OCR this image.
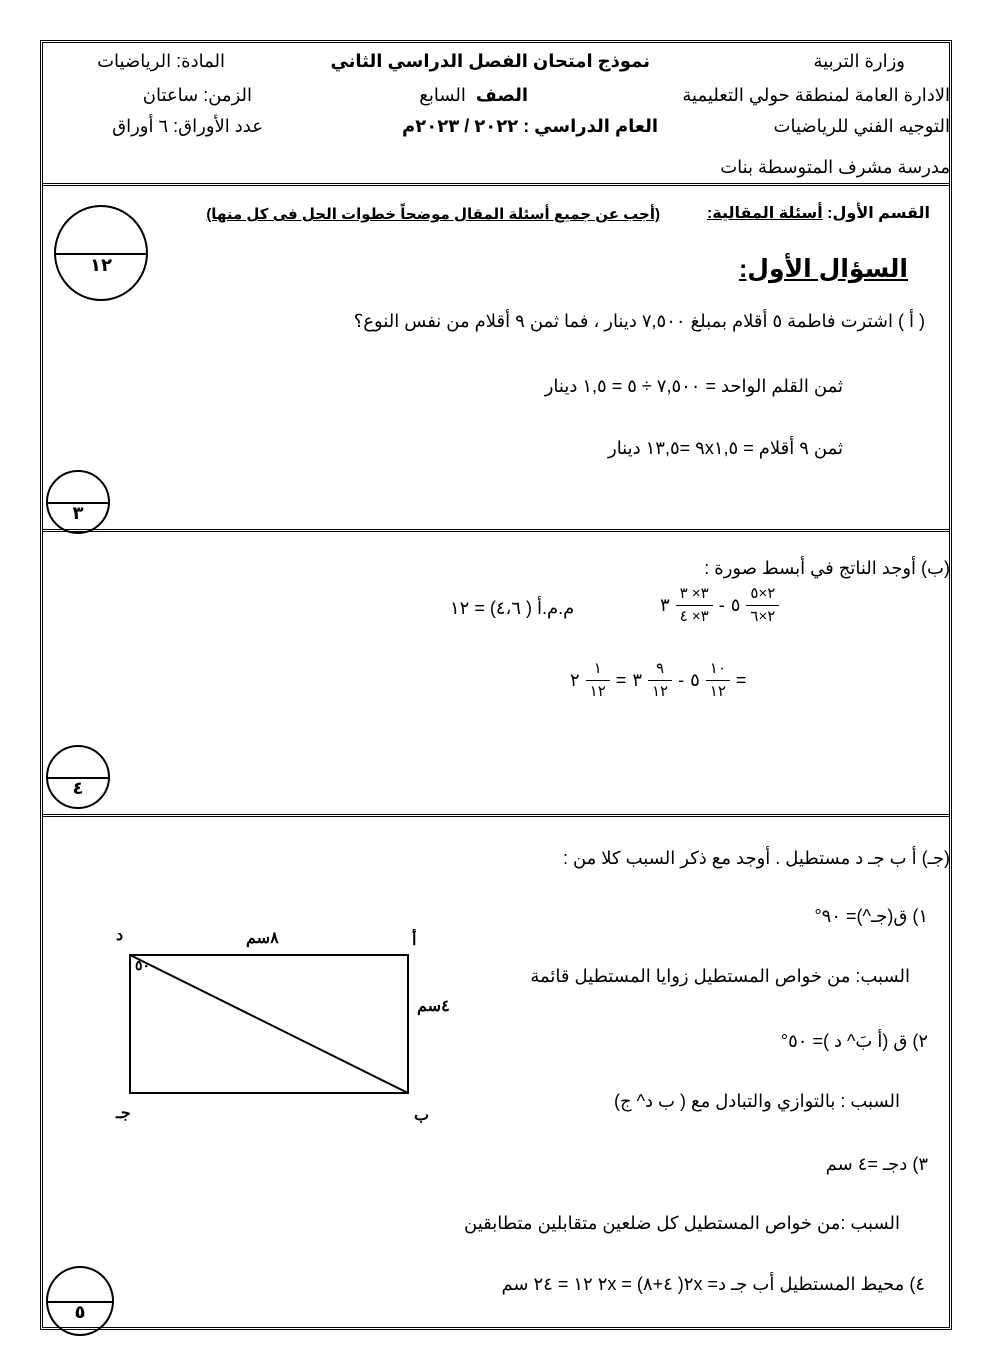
وزارة التربية
نموذج امتحان الفصل الدراسي الثاني
المادة: الرياضيات
الادارة العامة لمنطقة حولي التعليمية
الصف  السابع
الزمن: ساعتان
التوجيه الفني للرياضيات
العام الدراسي : ٢٠٢٢ / ٢٠٢٣م
عدد الأوراق: ٦ أوراق
مدرسة مشرف المتوسطة بنات
القسم الأول: أسئلة المقالية:
(أجب عن جميع أسئلة المقال موضحاً خطوات الحل فى كل منها)
السؤال الأول:
١٢
( أ ) اشترت فاطمة ٥ أقلام بمبلغ ٧,٥٠٠ دينار ، فما ثمن ٩ أقلام من نفس النوع؟
ثمن القلم الواحد = ٧,٥٠٠ ÷ ٥ = ١,٥ دينار
ثمن ٩ أقلام = ٩x١,٥ =١٣,٥ دينار
٣
(ب) أوجد الناتج في أبسط صورة :
م.م.أ ( ٤،٦) = ١٢	٣ $\frac{٣\times ٣}{٣\times ٤}$ - ٥ $\frac{٢\times ٥}{٢\times ٦}$
٢ $\frac{١}{١٢}$ = ٣ $\frac{٩}{١٢}$ - ٥ $\frac{١٠}{١٢}$ =
٤
(جـ) أ ب جـ د مستطيل . أوجد مع ذكر السبب كلا من :
١) ق(جـ^)= ٩٠°
السبب: من خواص المستطيل زوايا المستطيل قائمة
٢) ق (أ بَ^ د )= ٥٠°
السبب : بالتوازي والتبادل مع ( ب د^ ج)
٣) دجـ =٤ سم
السبب :من خواص المستطيل كل ضلعين متقابلين متطابقين
٤) محيط المستطيل أب جـ د= ٢x( ٤+٨) = ٢x ١٢ = ٢٤ سم
د	أ
جـ	ب
٨سم
٤سم
٥٠
٥
